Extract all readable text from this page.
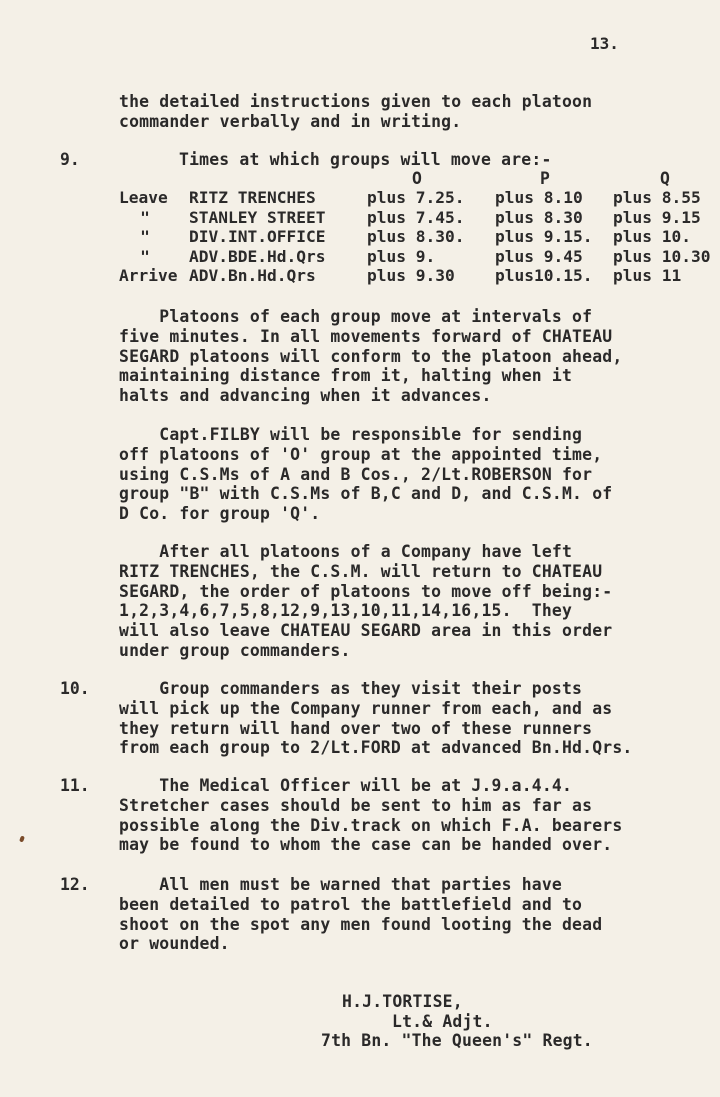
13.
the detailed instructions given to each platoon
commander verbally and in writing.
9.	Times at which groups will move are:-
O	P	Q
Leave	RITZ TRENCHES	plus 7.25.	plus 8.10	plus 8.55
"	STANLEY STREET	plus 7.45.	plus 8.30	plus 9.15
"	DIV.INT.OFFICE	plus 8.30.	plus 9.15.	plus 10.
"	ADV.BDE.Hd.Qrs	plus 9.	plus 9.45	plus 10.30
Arrive	ADV.Bn.Hd.Qrs	plus 9.30	plus10.15.	plus 11
Platoons of each group move at intervals of
five minutes. In all movements forward of CHATEAU
SEGARD platoons will conform to the platoon ahead,
maintaining distance from it, halting when it
halts and advancing when it advances.
Capt.FILBY will be responsible for sending
off platoons of 'O' group at the appointed time,
using C.S.Ms of A and B Cos., 2/Lt.ROBERSON for
group "B" with C.S.Ms of B,C and D, and C.S.M. of
D Co. for group 'Q'.
After all platoons of a Company have left
RITZ TRENCHES, the C.S.M. will return to CHATEAU
SEGARD, the order of platoons to move off being:-
1,2,3,4,6,7,5,8,12,9,13,10,11,14,16,15.  They
will also leave CHATEAU SEGARD area in this order
under group commanders.
10. Group commanders as they visit their posts
will pick up the Company runner from each, and as
they return will hand over two of these runners
from each group to 2/Lt.FORD at advanced Bn.Hd.Qrs.
11. The Medical Officer will be at J.9.a.4.4.
Stretcher cases should be sent to him as far as
possible along the Div.track on which F.A. bearers
may be found to whom the case can be handed over.
12. All men must be warned that parties have
been detailed to patrol the battlefield and to
shoot on the spot any men found looting the dead
or wounded.
H.J.TORTISE,
Lt.& Adjt.
7th Bn. "The Queen's" Regt.
